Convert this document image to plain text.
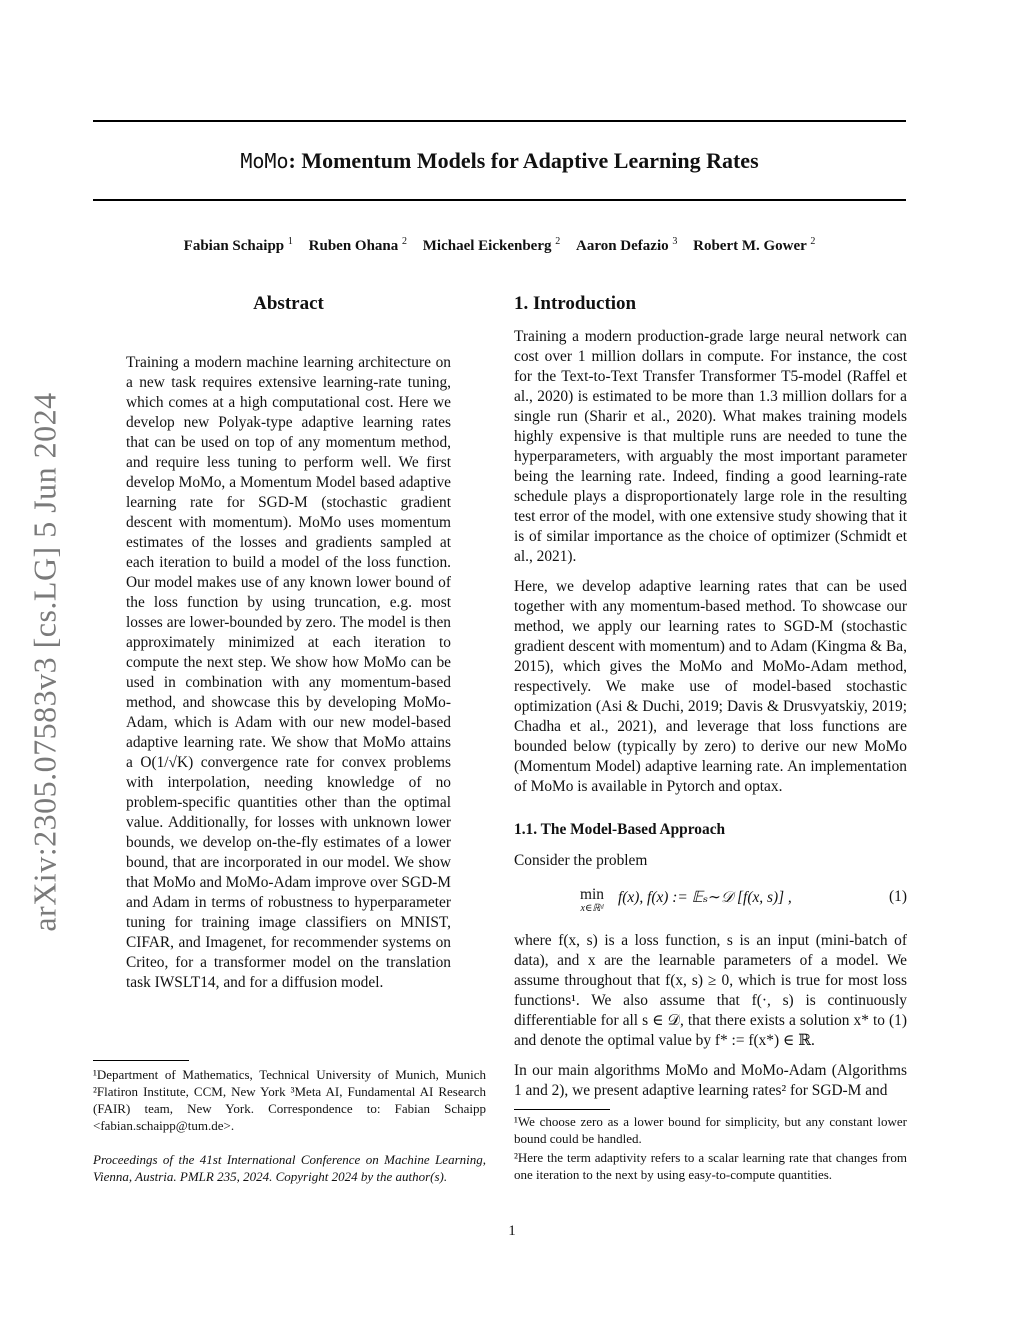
MoMo: Momentum Models for Adaptive Learning Rates
Fabian Schaipp $^1$ Ruben Ohana $^2$ Michael Eickenberg $^2$ Aaron Defazio $^3$ Robert M. Gower $^2$
arXiv:2305.07583v3 [cs.LG] 5 Jun 2024
Abstract
Training a modern machine learning architecture on a new task requires extensive learning-rate tuning, which comes at a high computational cost. Here we develop new Polyak-type adaptive learning rates that can be used on top of any momentum method, and require less tuning to perform well. We first develop MoMo, a Momentum Model based adaptive learning rate for SGD-M (stochastic gradient descent with momentum). MoMo uses momentum estimates of the losses and gradients sampled at each iteration to build a model of the loss function. Our model makes use of any known lower bound of the loss function by using truncation, e.g. most losses are lower-bounded by zero. The model is then approximately minimized at each iteration to compute the next step. We show how MoMo can be used in combination with any momentum-based method, and showcase this by developing MoMo-Adam, which is Adam with our new model-based adaptive learning rate. We show that MoMo attains a O(1/√K) convergence rate for convex problems with interpolation, needing knowledge of no problem-specific quantities other than the optimal value. Additionally, for losses with unknown lower bounds, we develop on-the-fly estimates of a lower bound, that are incorporated in our model. We show that MoMo and MoMo-Adam improve over SGD-M and Adam in terms of robustness to hyperparameter tuning for training image classifiers on MNIST, CIFAR, and Imagenet, for recommender systems on Criteo, for a transformer model on the translation task IWSLT14, and for a diffusion model.
1. Introduction
Training a modern production-grade large neural network can cost over 1 million dollars in compute. For instance, the cost for the Text-to-Text Transfer Transformer T5-model (Raffel et al., 2020) is estimated to be more than 1.3 million dollars for a single run (Sharir et al., 2020). What makes training models highly expensive is that multiple runs are needed to tune the hyperparameters, with arguably the most important parameter being the learning rate. Indeed, finding a good learning-rate schedule plays a disproportionately large role in the resulting test error of the model, with one extensive study showing that it is of similar importance as the choice of optimizer (Schmidt et al., 2021).
Here, we develop adaptive learning rates that can be used together with any momentum-based method. To showcase our method, we apply our learning rates to SGD-M (stochastic gradient descent with momentum) and to Adam (Kingma & Ba, 2015), which gives the MoMo and MoMo-Adam method, respectively. We make use of model-based stochastic optimization (Asi & Duchi, 2019; Davis & Drusvyatskiy, 2019; Chadha et al., 2021), and leverage that loss functions are bounded below (typically by zero) to derive our new MoMo (Momentum Model) adaptive learning rate. An implementation of MoMo is available in Pytorch and optax.
1.1. The Model-Based Approach
Consider the problem
min
x∈ℝᵈ
f(x), f(x) := 𝔼ₛ∼𝒟 [f(x, s)] ,	(1)
where f(x, s) is a loss function, s is an input (mini-batch of data), and x are the learnable parameters of a model. We assume throughout that f(x, s) ≥ 0, which is true for most loss functions¹. We also assume that f(·, s) is continuously differentiable for all s ∈ 𝒟, that there exists a solution x* to (1) and denote the optimal value by f* := f(x*) ∈ ℝ.
In our main algorithms MoMo and MoMo-Adam (Algorithms 1 and 2), we present adaptive learning rates² for SGD-M and
¹Department of Mathematics, Technical University of Munich, Munich ²Flatiron Institute, CCM, New York ³Meta AI, Fundamental AI Research (FAIR) team, New York. Correspondence to: Fabian Schaipp <fabian.schaipp@tum.de>.
Proceedings of the 41st International Conference on Machine Learning, Vienna, Austria. PMLR 235, 2024. Copyright 2024 by the author(s).
¹We choose zero as a lower bound for simplicity, but any constant lower bound could be handled.
²Here the term adaptivity refers to a scalar learning rate that changes from one iteration to the next by using easy-to-compute quantities.
1
